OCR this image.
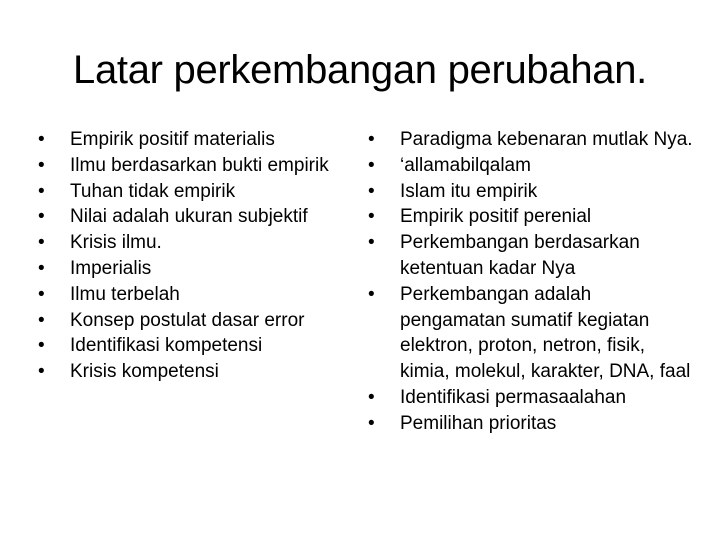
Latar perkembangan perubahan.
•	Empirik positif materialis
•	Ilmu berdasarkan bukti empirik
•	Tuhan tidak empirik
•	Nilai adalah ukuran subjektif
•	Krisis ilmu.
•	Imperialis
•	Ilmu terbelah
•	Konsep postulat dasar error
•	Identifikasi kompetensi
•	Krisis kompetensi
•	Paradigma kebenaran mutlak Nya.
•	‘allamabilqalam
•	Islam itu empirik
•	Empirik positif perenial
•	Perkembangan berdasarkan ketentuan kadar Nya
•	Perkembangan adalah pengamatan sumatif kegiatan elektron, proton, netron, fisik, kimia, molekul, karakter, DNA, faal
•	Identifikasi permasaalahan
•	Pemilihan prioritas
